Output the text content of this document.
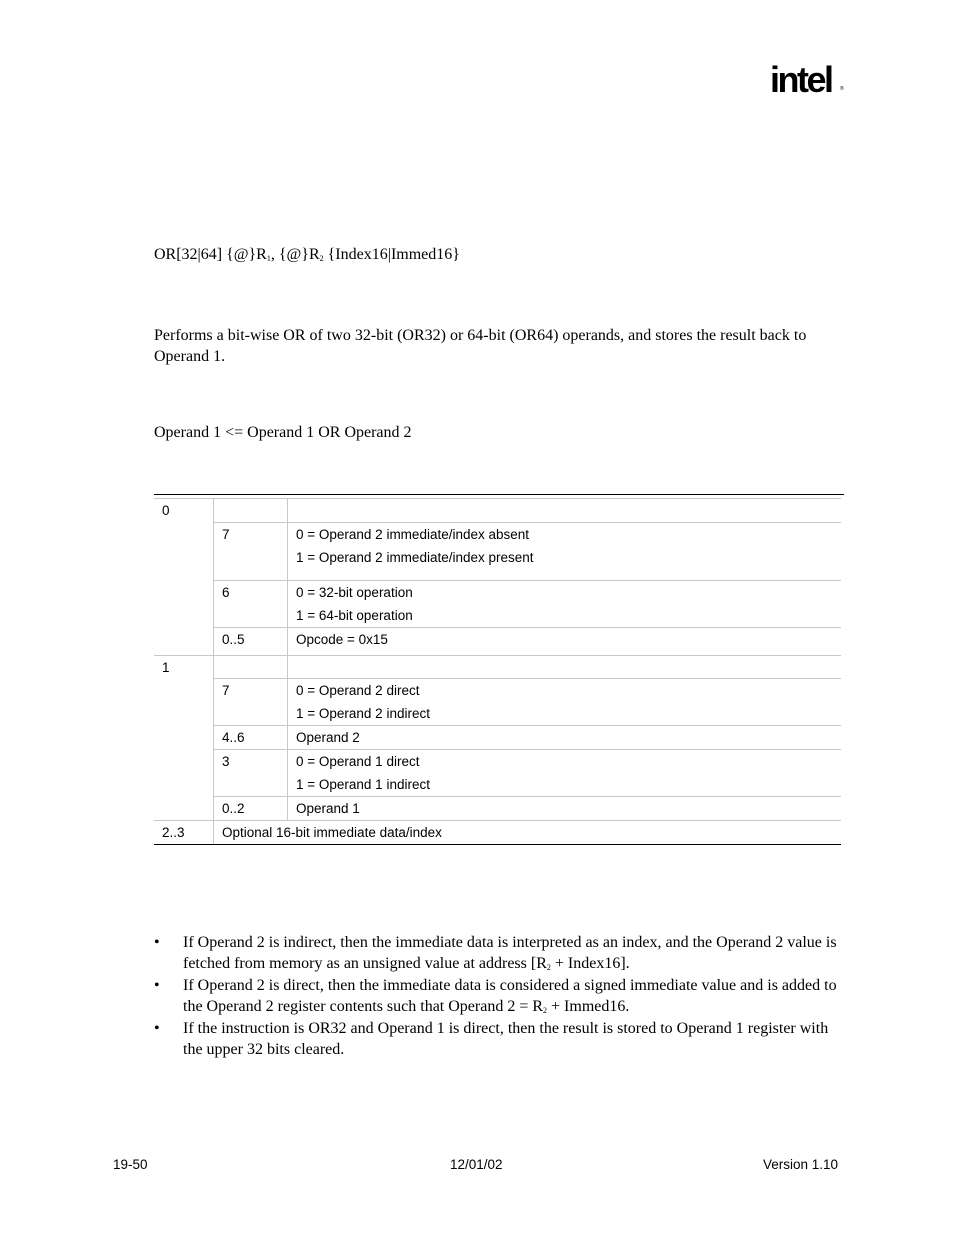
intel ®
OR[32|64] $\{@\}R_1$, $\{@\}R_2$ {Index16|Immed16}
Performs a bit-wise OR of two 32-bit (OR32) or 64-bit (OR64) operands, and stores the result back to Operand 1.
Operand 1 <= Operand 1 OR Operand 2

0		

	7	0 = Operand 2 immediate/index absent
1 = Operand 2 immediate/index present

	6	0 = 32-bit operation
1 = 64-bit operation

	0..5	Opcode = 0x15

1		

	7	0 = Operand 2 direct
1 = Operand 2 indirect

	4..6	Operand 2

	3	0 = Operand 1 direct
1 = Operand 1 indirect

	0..2	Operand 1

2..3	Optional 16-bit immediate data/index	
• If Operand 2 is indirect, then the immediate data is interpreted as an index, and the Operand 2 value is fetched from memory as an unsigned value at address [$R_2$ + Index16].
• If Operand 2 is direct, then the immediate data is considered a signed immediate value and is added to the Operand 2 register contents such that Operand $2 = R_2$ + Immed16.
• If the instruction is OR32 and Operand 1 is direct, then the result is stored to Operand 1 register with the upper 32 bits cleared.
19-50	12/01/02	Version 1.10
